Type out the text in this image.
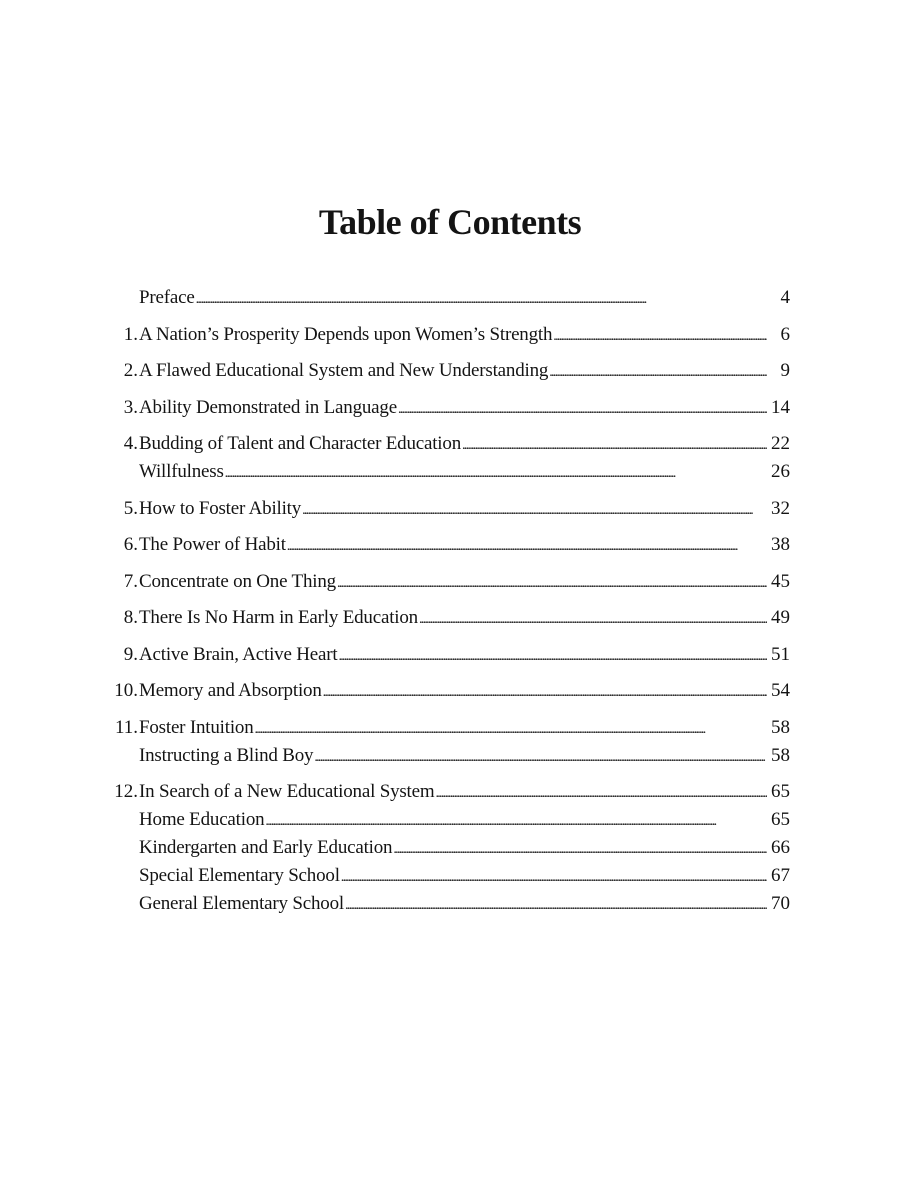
Table of Contents
Preface . . .	4
1. A Nation’s Prosperity Depends upon Women’s Strength . . .	6
2. A Flawed Educational System and New Understanding . . .	9
3. Ability Demonstrated in Language . . .	14
4. Budding of Talent and Character Education . . .	22
Willfulness . . .	26
5. How to Foster Ability . . .	32
6. The Power of Habit . . .	38
7. Concentrate on One Thing . . .	45
8. There Is No Harm in Early Education . . .	49
9. Active Brain, Active Heart . . .	51
10. Memory and Absorption . . .	54
11. Foster Intuition . . .	58
Instructing a Blind Boy . . .	58
12. In Search of a New Educational System . . .	65
Home Education . . .	65
Kindergarten and Early Education . . .	66
Special Elementary School . . .	67
General Elementary School . . .	70
